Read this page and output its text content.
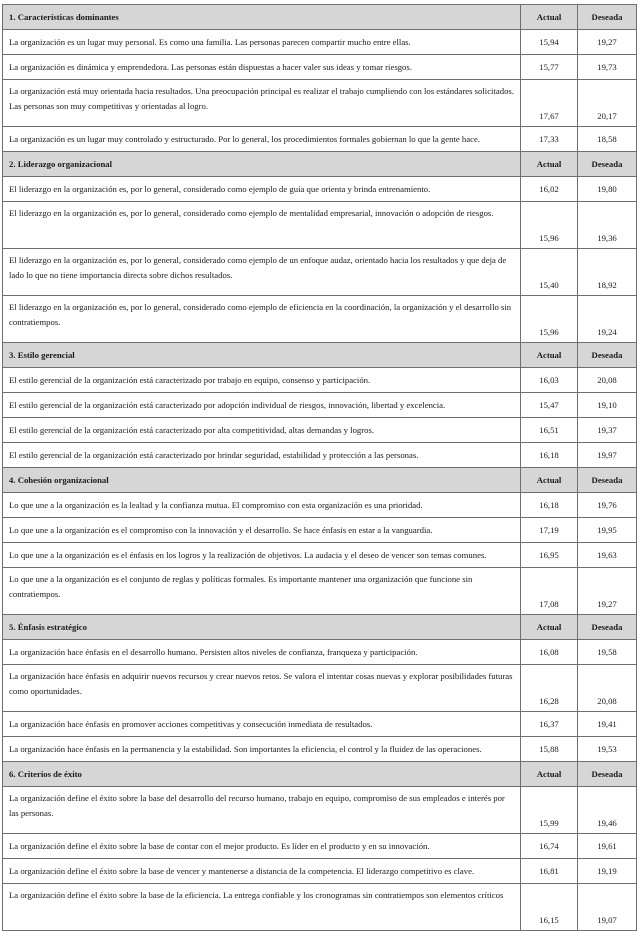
1. Características dominantes	Actual	Deseada
La organización es un lugar muy personal. Es como una familia. Las personas parecen compartir mucho entre ellas.	15,94	19,27
La organización es dinámica y emprendedora. Las personas están dispuestas a hacer valer sus ideas y tomar riesgos.	15,77	19,73
La organización está muy orientada hacia resultados. Una preocupación principal es realizar el trabajo cumpliendo con los estándares solicitados. Las personas son muy competitivas y orientadas al logro.	17,67	20,17
La organización es un lugar muy controlado y estructurado. Por lo general, los procedimientos formales gobiernan lo que la gente hace.	17,33	18,58
2. Liderazgo organizacional	Actual	Deseada
El liderazgo en la organización es, por lo general, considerado como ejemplo de guía que orienta y brinda entrenamiento.	16,02	19,80
El liderazgo en la organización es, por lo general, considerado como ejemplo de mentalidad empresarial, innovación o adopción de riesgos.	15,96	19,36
El liderazgo en la organización es, por lo general, considerado como ejemplo de un enfoque audaz, orientado hacia los resultados y que deja de lado lo que no tiene importancia directa sobre dichos resultados.	15,40	18,92
El liderazgo en la organización es, por lo general, considerado como ejemplo de eficiencia en la coordinación, la organización y el desarrollo sin contratiempos.	15,96	19,24
3. Estilo gerencial	Actual	Deseada
El estilo gerencial de la organización está caracterizado por trabajo en equipo, consenso y participación.	16,03	20,08
El estilo gerencial de la organización está caracterizado por adopción individual de riesgos, innovación, libertad y excelencia.	15,47	19,10
El estilo gerencial de la organización está caracterizado por alta competitividad, altas demandas y logros.	16,51	19,37
El estilo gerencial de la organización está caracterizado por brindar seguridad, estabilidad y protección a las personas.	16,18	19,97
4. Cohesión organizacional	Actual	Deseada
Lo que une a la organización es la lealtad y la confianza mutua. El compromiso con esta organización es una prioridad.	16,18	19,76
Lo que une a la organización es el compromiso con la innovación y el desarrollo. Se hace énfasis en estar a la vanguardia.	17,19	19,95
Lo que une a la organización es el énfasis en los logros y la realización de objetivos. La audacia y el deseo de vencer son temas comunes.	16,95	19,63
Lo que une a la organización es el conjunto de reglas y políticas formales. Es importante mantener una organización que funcione sin contratiempos.	17,08	19,27
5. Énfasis estratégico	Actual	Deseada
La organización hace énfasis en el desarrollo humano. Persisten altos niveles de confianza, franqueza y participación.	16,08	19,58
La organización hace énfasis en adquirir nuevos recursos y crear nuevos retos. Se valora el intentar cosas nuevas y explorar posibilidades futuras como oportunidades.	16,28	20,08
La organización hace énfasis en promover acciones competitivas y consecución inmediata de resultados.	16,37	19,41
La organización hace énfasis en la permanencia y la estabilidad. Son importantes la eficiencia, el control y la fluidez de las operaciones.	15,88	19,53
6. Criterios de éxito	Actual	Deseada
La organización define el éxito sobre la base del desarrollo del recurso humano, trabajo en equipo, compromiso de sus empleados e interés por las personas.	15,99	19,46
La organización define el éxito sobre la base de contar con el mejor producto. Es líder en el producto y en su innovación.	16,74	19,61
La organización define el éxito sobre la base de vencer y mantenerse a distancia de la competencia. El liderazgo competitivo es clave.	16,81	19,19
La organización define el éxito sobre la base de la eficiencia. La entrega confiable y los cronogramas sin contratiempos son elementos críticos	16,15	19,07
